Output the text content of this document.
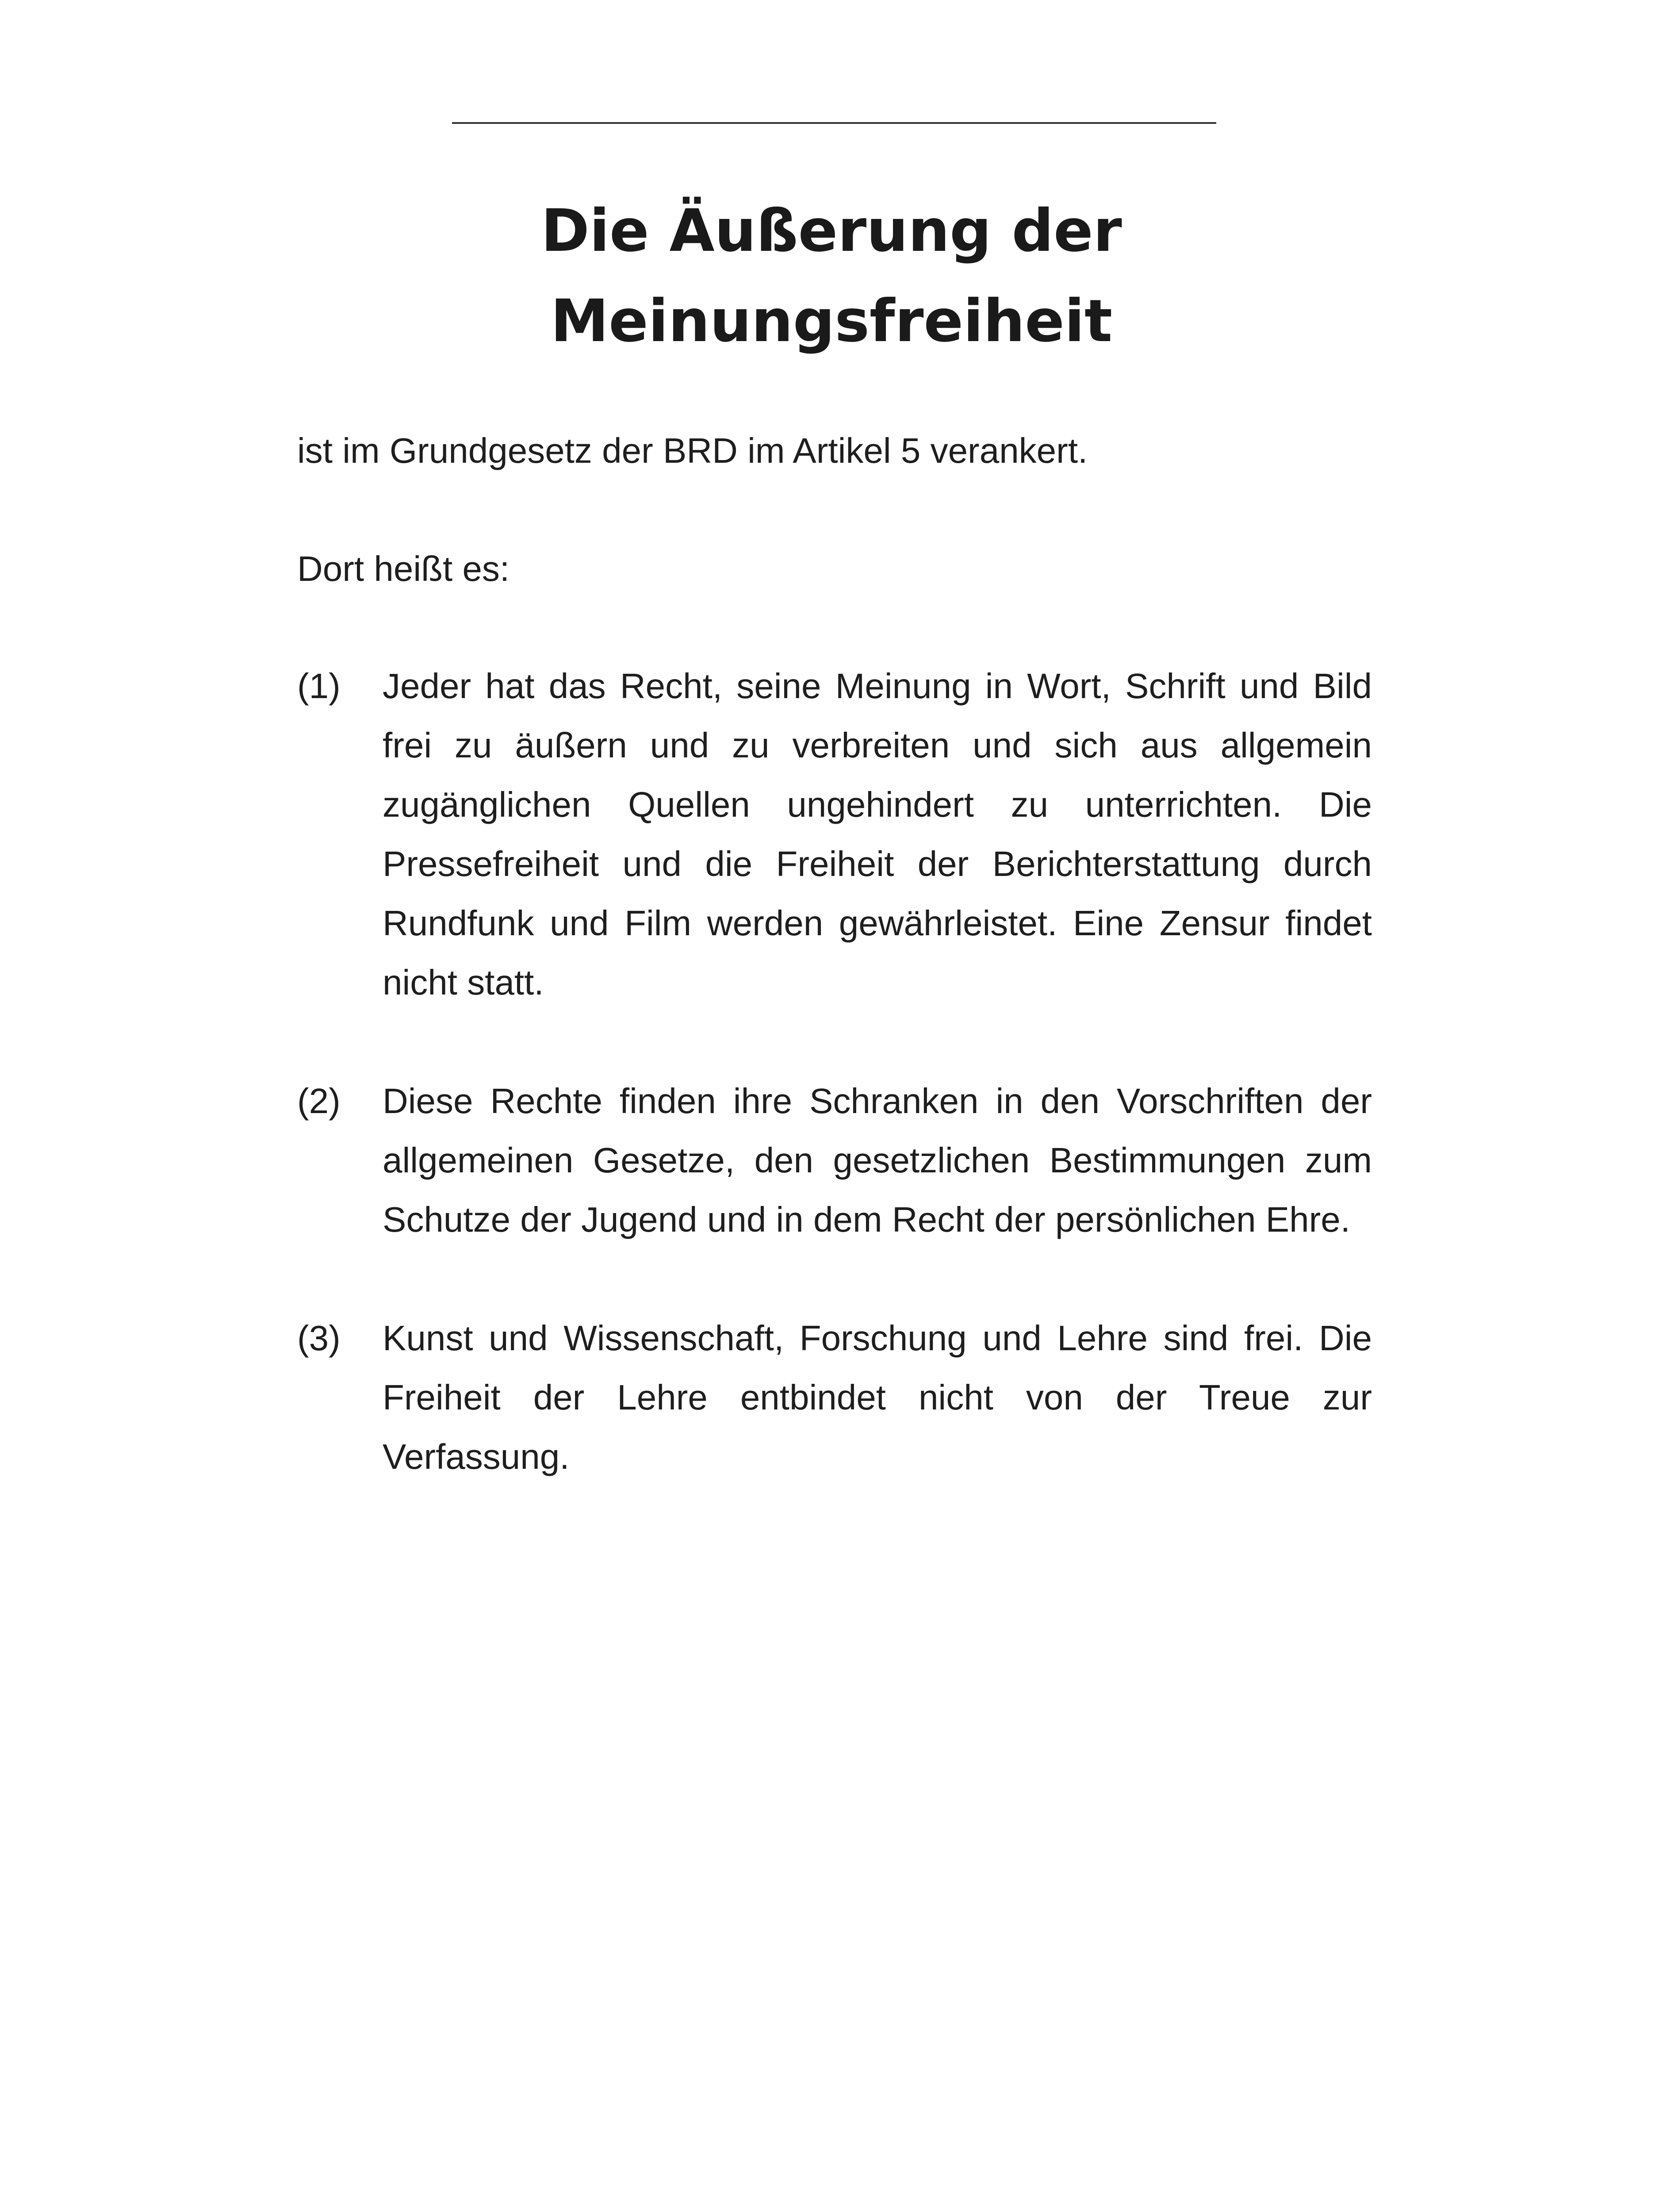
Die Äußerung der
Meinungsfreiheit

ist im Grundgesetz der BRD im Artikel 5 verankert.

Dort heißt es:

(1)	Jeder hat das Recht, seine Meinung in Wort, Schrift und Bild frei zu äußern und zu verbreiten und sich aus allgemein zugänglichen Quellen ungehindert zu unterrichten. Die Pressefreiheit und die Freiheit der Berichterstattung durch Rundfunk und Film werden gewährleistet. Eine Zensur findet nicht statt.
(2)	Diese Rechte finden ihre Schranken in den Vorschriften der allgemeinen Gesetze, den gesetzlichen Bestimmungen zum Schutze der Jugend und in dem Recht der persönlichen Ehre.
(3)	Kunst und Wissenschaft, Forschung und Lehre sind frei. Die Freiheit der Lehre entbindet nicht von der Treue zur Verfassung.
